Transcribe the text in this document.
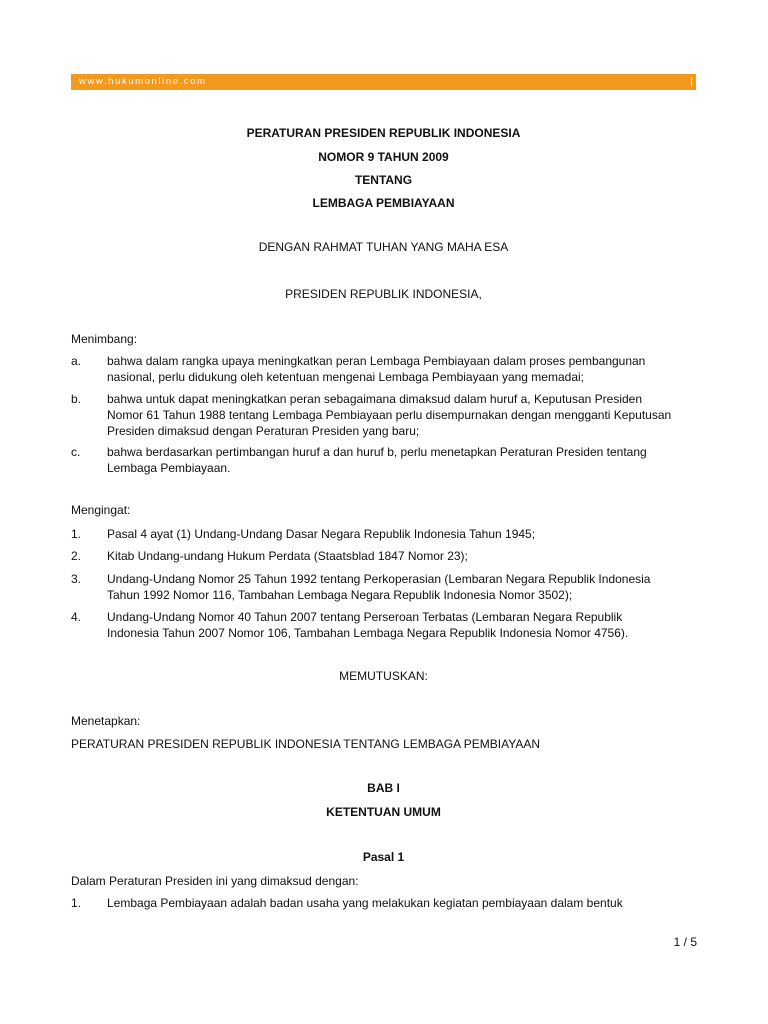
www.hukumonline.com
PERATURAN PRESIDEN REPUBLIK INDONESIA
NOMOR 9 TAHUN 2009
TENTANG
LEMBAGA PEMBIAYAAN
DENGAN RAHMAT TUHAN YANG MAHA ESA
PRESIDEN REPUBLIK INDONESIA,
Menimbang:
a. bahwa dalam rangka upaya meningkatkan peran Lembaga Pembiayaan dalam proses pembangunan
nasional, perlu didukung oleh ketentuan mengenai Lembaga Pembiayaan yang memadai;
b. bahwa untuk dapat meningkatkan peran sebagaimana dimaksud dalam huruf a, Keputusan Presiden
Nomor 61 Tahun 1988 tentang Lembaga Pembiayaan perlu disempurnakan dengan mengganti Keputusan
Presiden dimaksud dengan Peraturan Presiden yang baru;
c. bahwa berdasarkan pertimbangan huruf a dan huruf b, perlu menetapkan Peraturan Presiden tentang
Lembaga Pembiayaan.
Mengingat:
1. Pasal 4 ayat (1) Undang-Undang Dasar Negara Republik Indonesia Tahun 1945;
2. Kitab Undang-undang Hukum Perdata (Staatsblad 1847 Nomor 23);
3. Undang-Undang Nomor 25 Tahun 1992 tentang Perkoperasian (Lembaran Negara Republik Indonesia
Tahun 1992 Nomor 116, Tambahan Lembaga Negara Republik Indonesia Nomor 3502);
4. Undang-Undang Nomor 40 Tahun 2007 tentang Perseroan Terbatas (Lembaran Negara Republik
Indonesia Tahun 2007 Nomor 106, Tambahan Lembaga Negara Republik Indonesia Nomor 4756).
MEMUTUSKAN:
Menetapkan:
PERATURAN PRESIDEN REPUBLIK INDONESIA TENTANG LEMBAGA PEMBIAYAAN
BAB I
KETENTUAN UMUM
Pasal 1
Dalam Peraturan Presiden ini yang dimaksud dengan:
1. Lembaga Pembiayaan adalah badan usaha yang melakukan kegiatan pembiayaan dalam bentuk
1 / 5
